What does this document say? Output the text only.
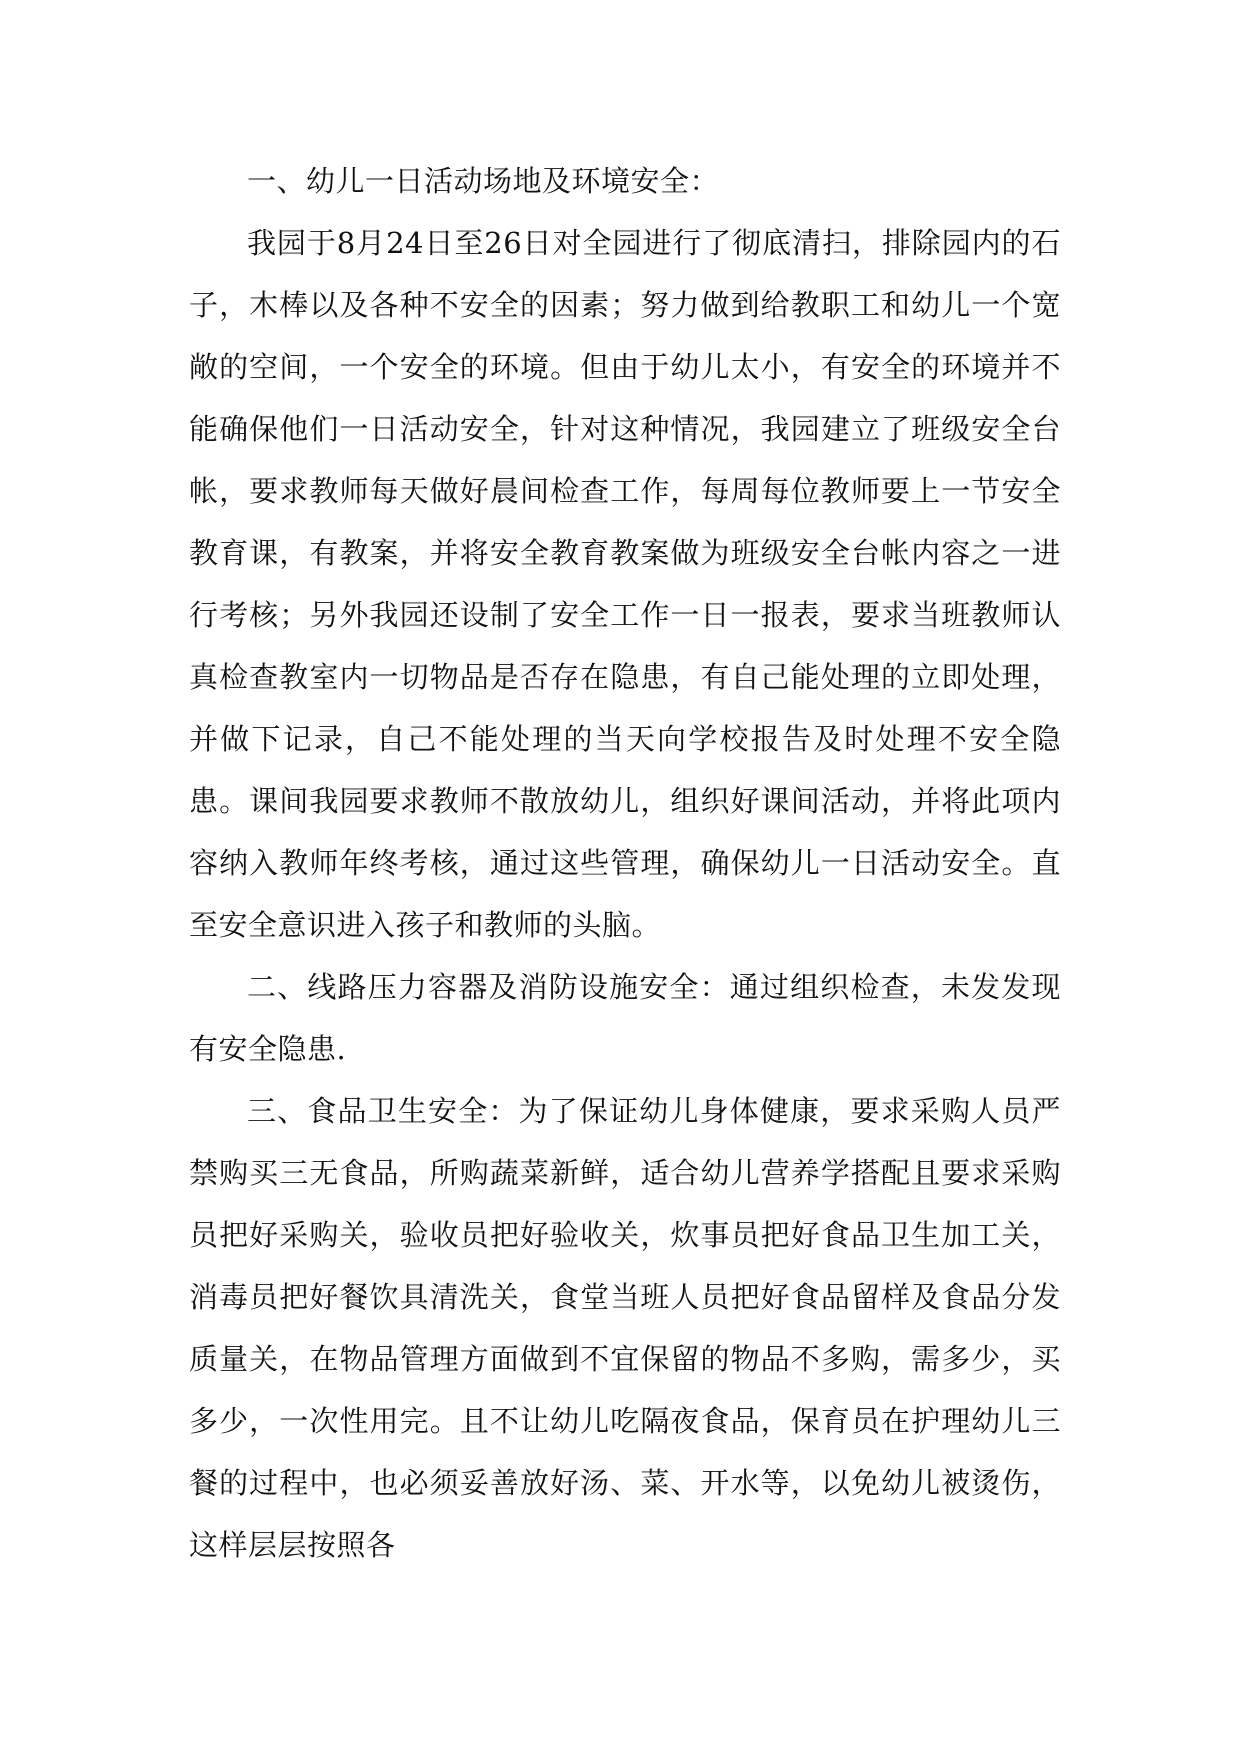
一、幼儿一日活动场地及环境安全：

我园于8月24日至26日对全园进行了彻底清扫，排除园内的石子，木棒以及各种不安全的因素；努力做到给教职工和幼儿一个宽敞的空间，一个安全的环境。但由于幼儿太小，有安全的环境并不能确保他们一日活动安全，针对这种情况，我园建立了班级安全台帐，要求教师每天做好晨间检查工作，每周每位教师要上一节安全教育课，有教案，并将安全教育教案做为班级安全台帐内容之一进行考核；另外我园还设制了安全工作一日一报表，要求当班教师认真检查教室内一切物品是否存在隐患，有自己能处理的立即处理，并做下记录，自己不能处理的当天向学校报告及时处理不安全隐患。课间我园要求教师不散放幼儿，组织好课间活动，并将此项内容纳入教师年终考核，通过这些管理，确保幼儿一日活动安全。直至安全意识进入孩子和教师的头脑。

二、线路压力容器及消防设施安全：通过组织检查，未发发现有安全隐患.

三、食品卫生安全：为了保证幼儿身体健康，要求采购人员严禁购买三无食品，所购蔬菜新鲜，适合幼儿营养学搭配且要求采购员把好采购关，验收员把好验收关，炊事员把好食品卫生加工关，消毒员把好餐饮具清洗关，食堂当班人员把好食品留样及食品分发质量关，在物品管理方面做到不宜保留的物品不多购，需多少，买多少，一次性用完。且不让幼儿吃隔夜食品，保育员在护理幼儿三餐的过程中，也必须妥善放好汤、菜、开水等，以免幼儿被烫伤，这样层层按照各
